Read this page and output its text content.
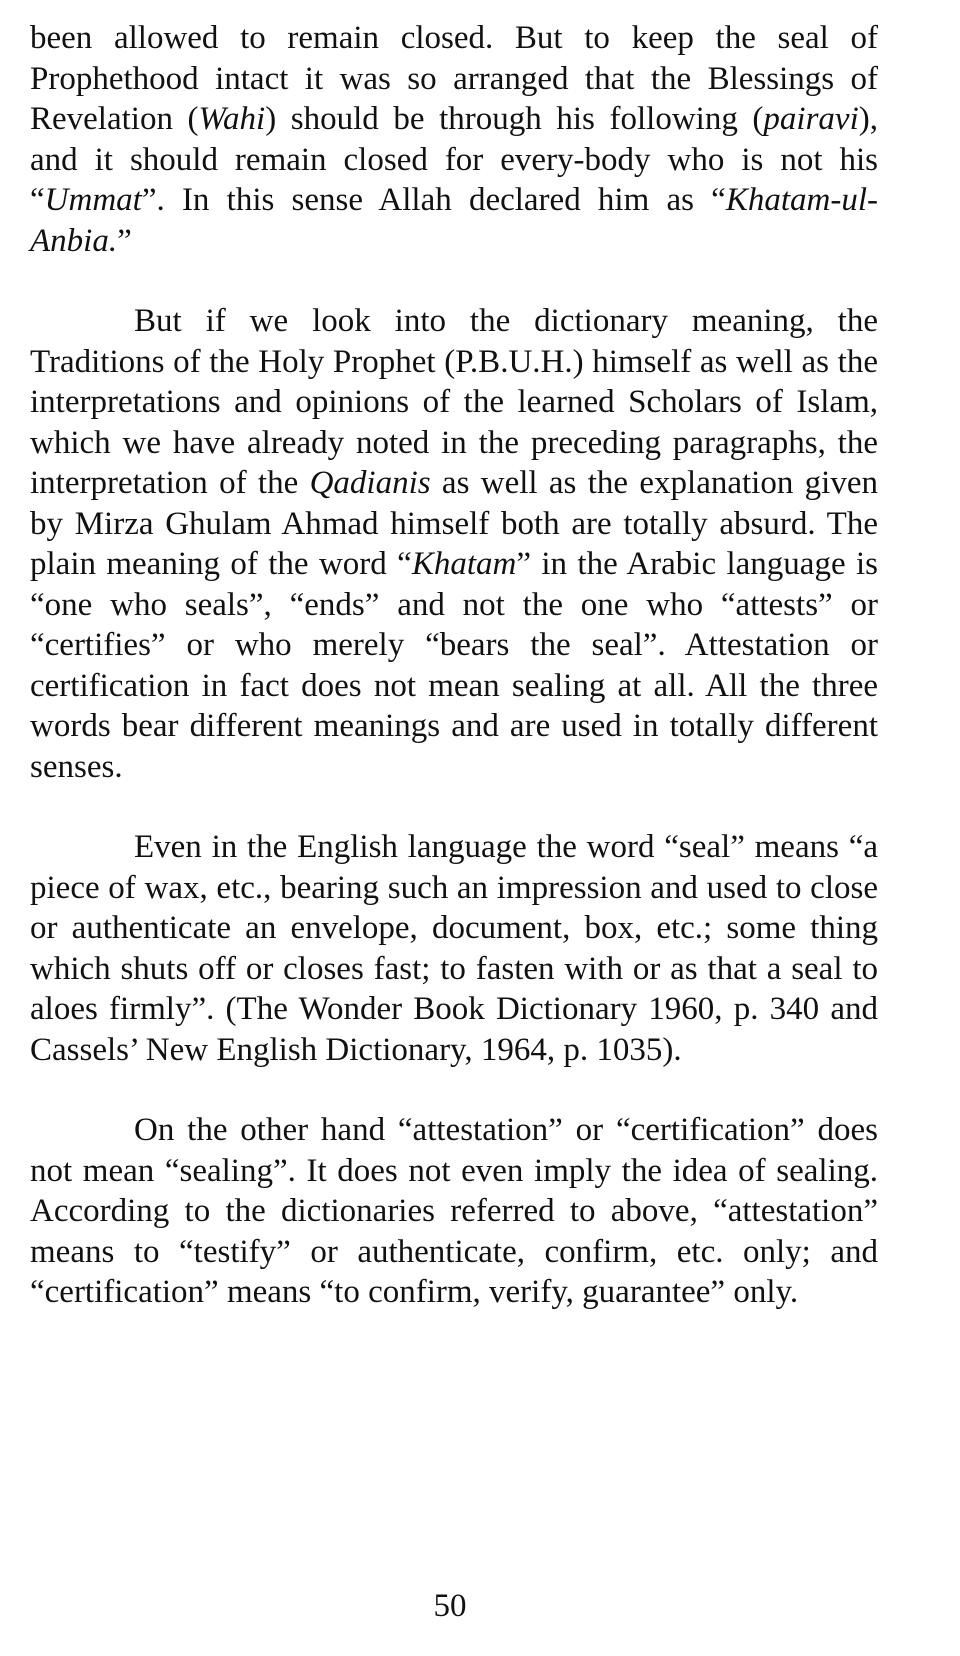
been allowed to remain closed. But to keep the seal of Prophethood intact it was so arranged that the Blessings of Revelation (Wahi) should be through his following (pairavi), and it should remain closed for every-body who is not his “Ummat”. In this sense Allah declared him as “Khatam-ul-Anbia.”

But if we look into the dictionary meaning, the Traditions of the Holy Prophet (P.B.U.H.) himself as well as the interpretations and opinions of the learned Scholars of Islam, which we have already noted in the preceding paragraphs, the interpretation of the Qadianis as well as the explanation given by Mirza Ghulam Ahmad himself both are totally absurd. The plain meaning of the word “Khatam” in the Arabic language is “one who seals”, “ends” and not the one who “attests” or “certifies” or who merely “bears the seal”. Attestation or certification in fact does not mean sealing at all. All the three words bear different meanings and are used in totally different senses.

Even in the English language the word “seal” means “a piece of wax, etc., bearing such an impression and used to close or authenticate an envelope, document, box, etc.; some thing which shuts off or closes fast; to fasten with or as that a seal to aloes firmly”. (The Wonder Book Dictionary 1960, p. 340 and Cassels’ New English Dictionary, 1964, p. 1035).

On the other hand “attestation” or “certification” does not mean “sealing”. It does not even imply the idea of sealing. According to the dictionaries referred to above, “attestation” means to “testify” or authenticate, confirm, etc. only; and “certification” means “to confirm, verify, guarantee” only.

50
